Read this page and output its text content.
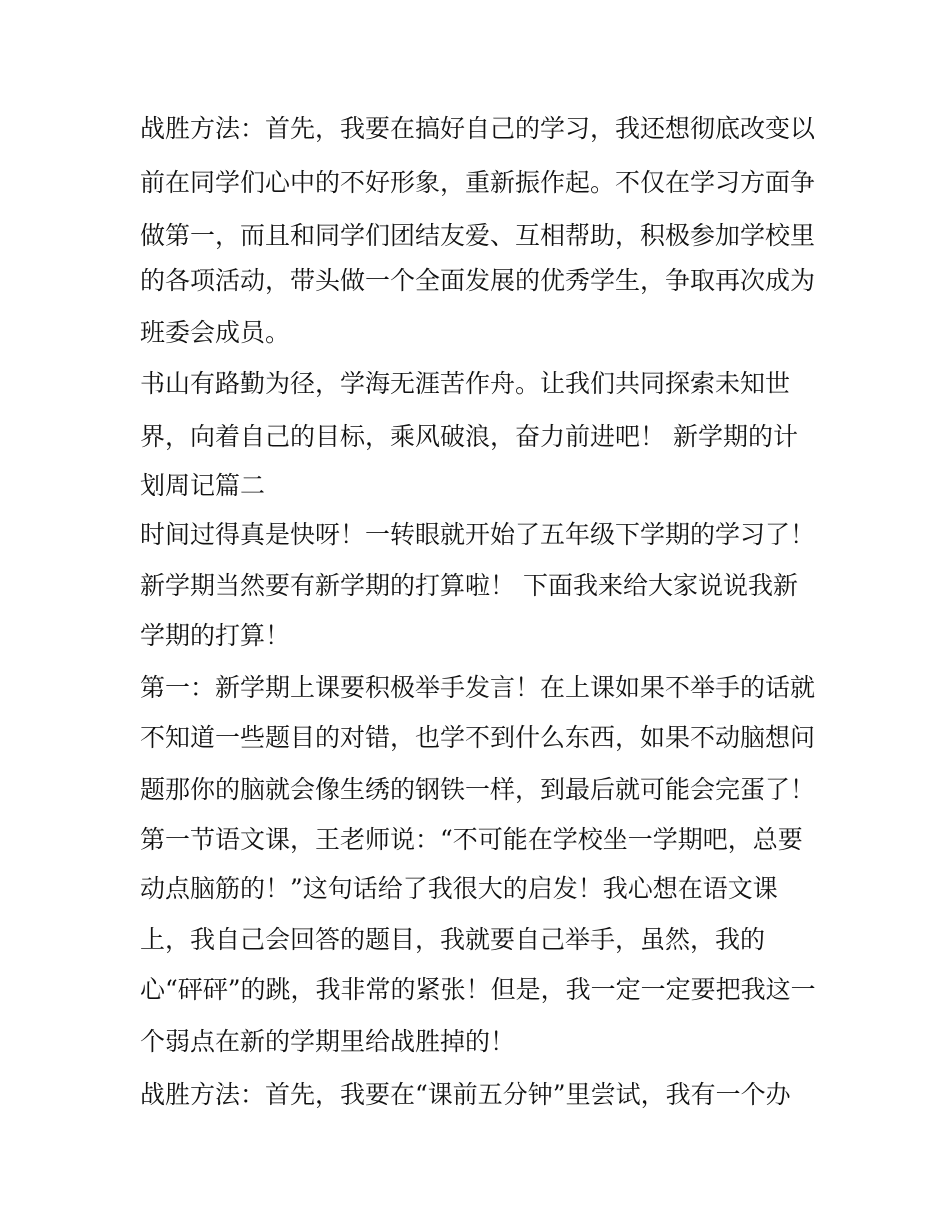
战胜方法：首先，我要在搞好自己的学习，我还想彻底改变以
前在同学们心中的不好形象，重新振作起。不仅在学习方面争
做第一，而且和同学们团结友爱、互相帮助，积极参加学校里
的各项活动，带头做一个全面发展的优秀学生，争取再次成为
班委会成员。
书山有路勤为径，学海无涯苦作舟。让我们共同探索未知世
界，向着自己的目标，乘风破浪，奋力前进吧！ 新学期的计
划周记篇二
时间过得真是快呀！一转眼就开始了五年级下学期的学习了！
新学期当然要有新学期的打算啦！ 下面我来给大家说说我新
学期的打算！
第一：新学期上课要积极举手发言！在上课如果不举手的话就
不知道一些题目的对错，也学不到什么东西，如果不动脑想问
题那你的脑就会像生绣的钢铁一样，到最后就可能会完蛋了！
第一节语文课，王老师说：“不可能在学校坐一学期吧，总要
动点脑筋的！”这句话给了我很大的启发！我心想在语文课
上，我自己会回答的题目，我就要自己举手，虽然，我的
心“砰砰”的跳，我非常的紧张！但是，我一定一定要把我这一
个弱点在新的学期里给战胜掉的！
战胜方法：首先，我要在“课前五分钟”里尝试，我有一个办
